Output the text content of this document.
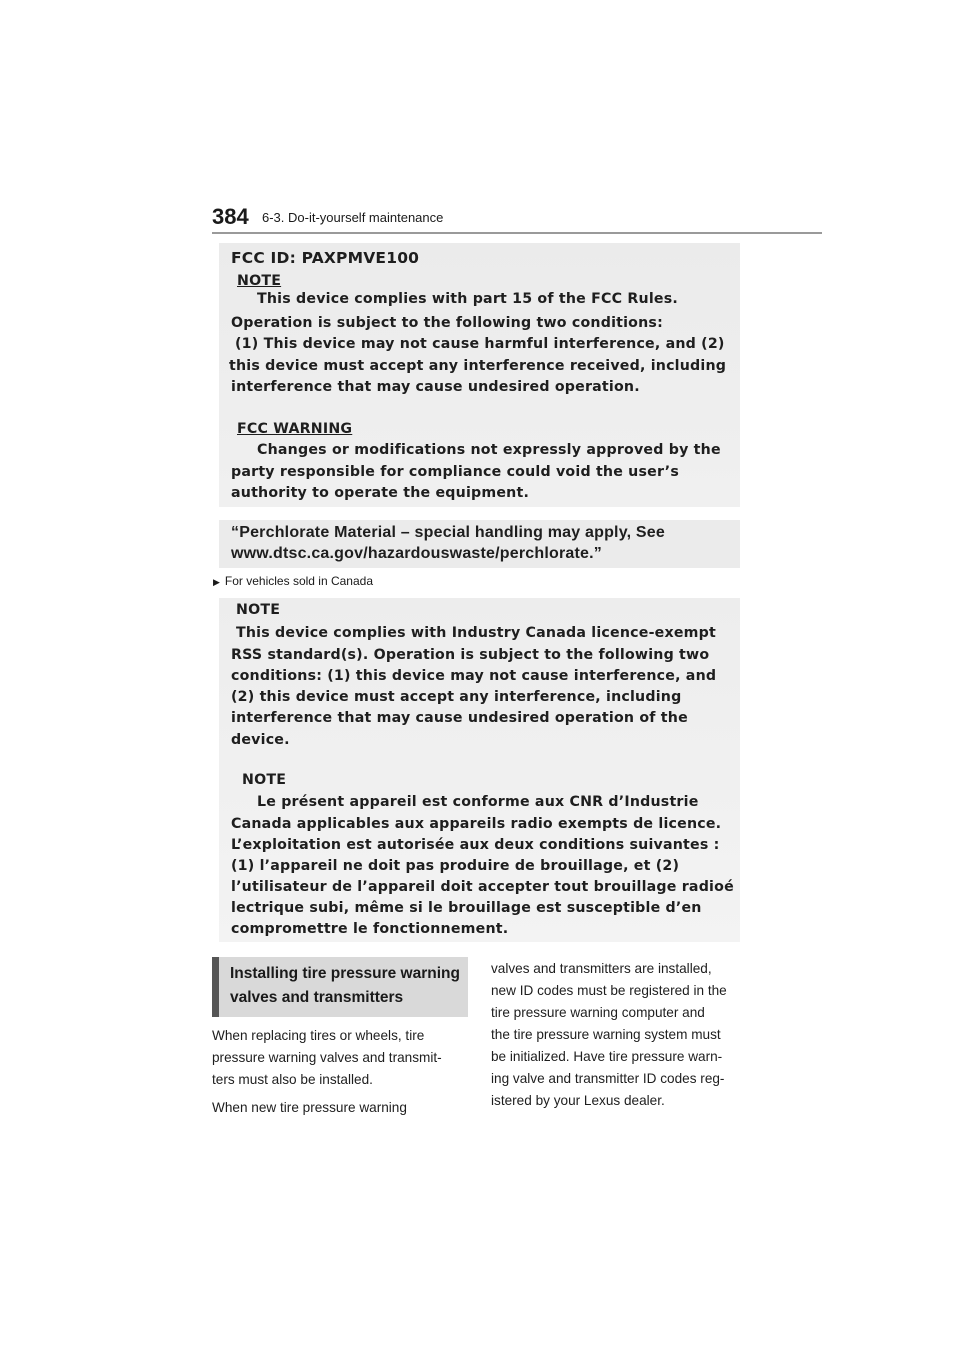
384 6-3. Do-it-yourself maintenance
FCC ID: PAXPMVE100
NOTE
This device complies with part 15 of the FCC Rules.
Operation is subject to the following two conditions:
(1) This device may not cause harmful interference, and (2)
this device must accept any interference received, including
interference that may cause undesired operation.
FCC WARNING
Changes or modifications not expressly approved by the
party responsible for compliance could void the user’s
authority to operate the equipment.
“Perchlorate Material – special handling may apply, See
www.dtsc.ca.gov/hazardouswaste/perchlorate.”
▶ For vehicles sold in Canada
NOTE
This device complies with Industry Canada licence-exempt
RSS standard(s). Operation is subject to the following two
conditions: (1) this device may not cause interference, and
(2) this device must accept any interference, including
interference that may cause undesired operation of the
device.
NOTE
Le présent appareil est conforme aux CNR d’Industrie
Canada applicables aux appareils radio exempts de licence.
L’exploitation est autorisée aux deux conditions suivantes :
(1) l’appareil ne doit pas produire de brouillage, et (2)
l’utilisateur de l’appareil doit accepter tout brouillage radioé
lectrique subi, même si le brouillage est susceptible d’en
compromettre le fonctionnement.
Installing tire pressure warning
valves and transmitters
When replacing tires or wheels, tire
pressure warning valves and transmit-
ters must also be installed.
When new tire pressure warning
valves and transmitters are installed,
new ID codes must be registered in the
tire pressure warning computer and
the tire pressure warning system must
be initialized. Have tire pressure warn-
ing valve and transmitter ID codes reg-
istered by your Lexus dealer.
